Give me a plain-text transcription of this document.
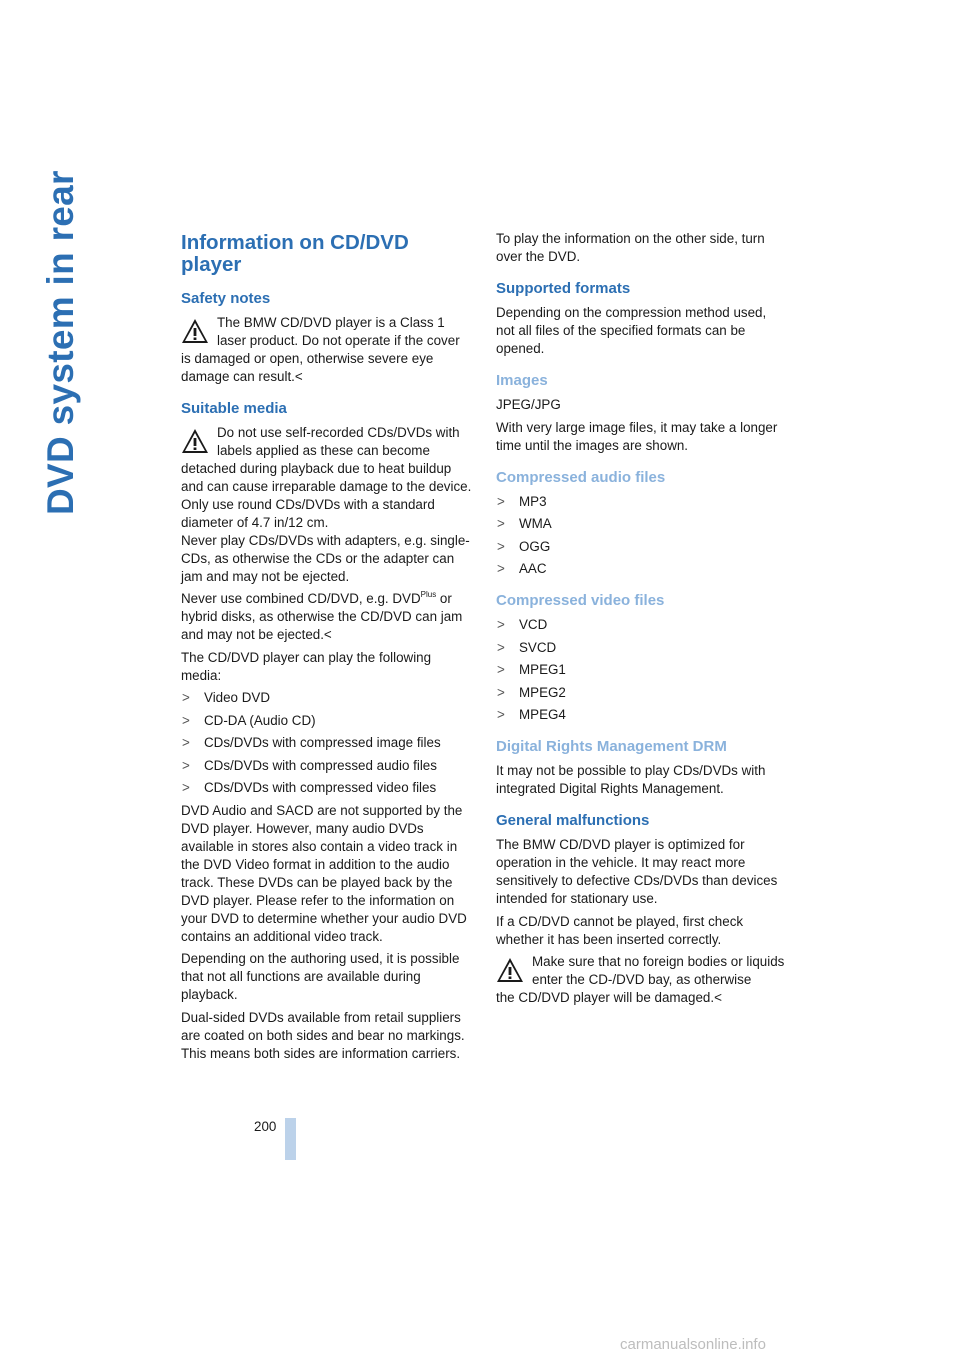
DVD system in rear	Information on CD/DVD player
Safety notes
The BMW CD/DVD player is a Class 1 laser product. Do not operate if the cover
is damaged or open, otherwise severe eye damage can result.<
Suitable media
Do not use self-recorded CDs/DVDs with labels applied as these can become
detached during playback due to heat buildup and can cause irreparable damage to the device.

Only use round CDs/DVDs with a standard diameter of 4.7 in/12 cm.

Never play CDs/DVDs with adapters, e.g. single-CDs, as otherwise the CDs or the adapter can jam and may not be ejected.

Never use combined CD/DVD, e.g. $DVD^{Plus}$ or hybrid disks, as otherwise the CD/DVD can jam and may not be ejected.<

The CD/DVD player can play the following media:

> Video DVD
> CD-DA (Audio CD)
> CDs/DVDs with compressed image files
> CDs/DVDs with compressed audio files
> CDs/DVDs with compressed video files

DVD Audio and SACD are not supported by the DVD player. However, many audio DVDs available in stores also contain a video track in the DVD Video format in addition to the audio track. These DVDs can be played back by the DVD player. Please refer to the information on your DVD to determine whether your audio DVD contains an additional video track.

Depending on the authoring used, it is possible that not all functions are available during playback.

Dual-sided DVDs available from retail suppliers are coated on both sides and bear no markings. This means both sides are information carriers.

To play the information on the other side, turn over the DVD.

Supported formats

Depending on the compression method used, not all files of the specified formats can be opened.

Images

JPEG/JPG

With very large image files, it may take a longer time until the images are shown.

Compressed audio files
> MP3
> WMA
> OGG
> AAC
Compressed video files
> VCD
> SVCD
> MPEG1
> MPEG2
> MPEG4
Digital Rights Management DRM

It may not be possible to play CDs/DVDs with integrated Digital Rights Management.

General malfunctions

The BMW CD/DVD player is optimized for operation in the vehicle. It may react more sensitively to defective CDs/DVDs than devices intended for stationary use.

If a CD/DVD cannot be played, first check whether it has been inserted correctly.

Make sure that no foreign bodies or liquids enter the CD-/DVD bay, as otherwise
the CD/DVD player will be damaged.<
200
carmanualsonline.info
